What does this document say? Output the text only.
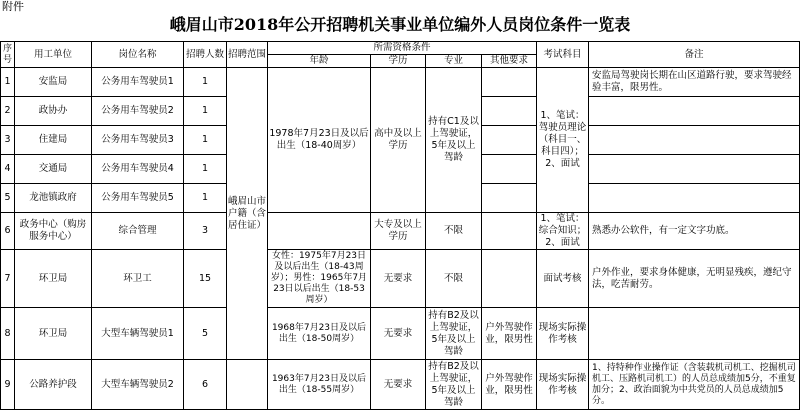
附件
峨眉山市2018年公开招聘机关事业单位编外人员岗位条件一览表
序号	用工单位	岗位名称	招聘人数	招聘范围	所需资格条件				考试科目	备注
					年龄	学历	专业	其他要求		
1	安监局	公务用车驾驶员1	1	峨眉山市户籍（含居住证）	1978年7月23日及以后出生（18-40周岁）	高中及以上学历	持有C1及以上驾驶证，5年及以上驾龄		1、笔试：驾驶员理论（科目一、科目四）；2、面试	安监局驾驶岗长期在山区道路行驶，要求驾驶经验丰富，限男性。
2	政协办	公务用车驾驶员2	1							
3	住建局	公务用车驾驶员3	1							
4	交通局	公务用车驾驶员4	1							
5	龙池镇政府	公务用车驾驶员5	1							
6	政务中心（购房服务中心）	综合管理	3			大专及以上学历	不限		1、笔试：综合知识；2、面试	熟悉办公软件，有一定文字功底。
7	环卫局	环卫工	15		女性：1975年7月23日及以后出生（18-43周岁）；男性：1965年7月23日以后出生（18-53周岁）	无要求	不限		面试考核	户外作业，要求身体健康，无明显残疾，遵纪守法，吃苦耐劳。
8	环卫局	大型车辆驾驶员1	5		1968年7月23日及以后出生（18-50周岁）	无要求	持有B2及以上驾驶证，5年及以上驾龄	户外驾驶作业，限男性	现场实际操作考核	
9	公路养护段	大型车辆驾驶员2	6		1963年7月23日及以后出生（18-55周岁）	无要求	持有B2及以上驾驶证，5年及以上驾龄	户外驾驶作业，限男性	现场实际操作考核	1、持特种作业操作证（含装载机司机工、挖掘机司机工、压路机司机工）的人员总成绩加5分，不重复加分；2、政治面貌为中共党员的人员总成绩加5分。
